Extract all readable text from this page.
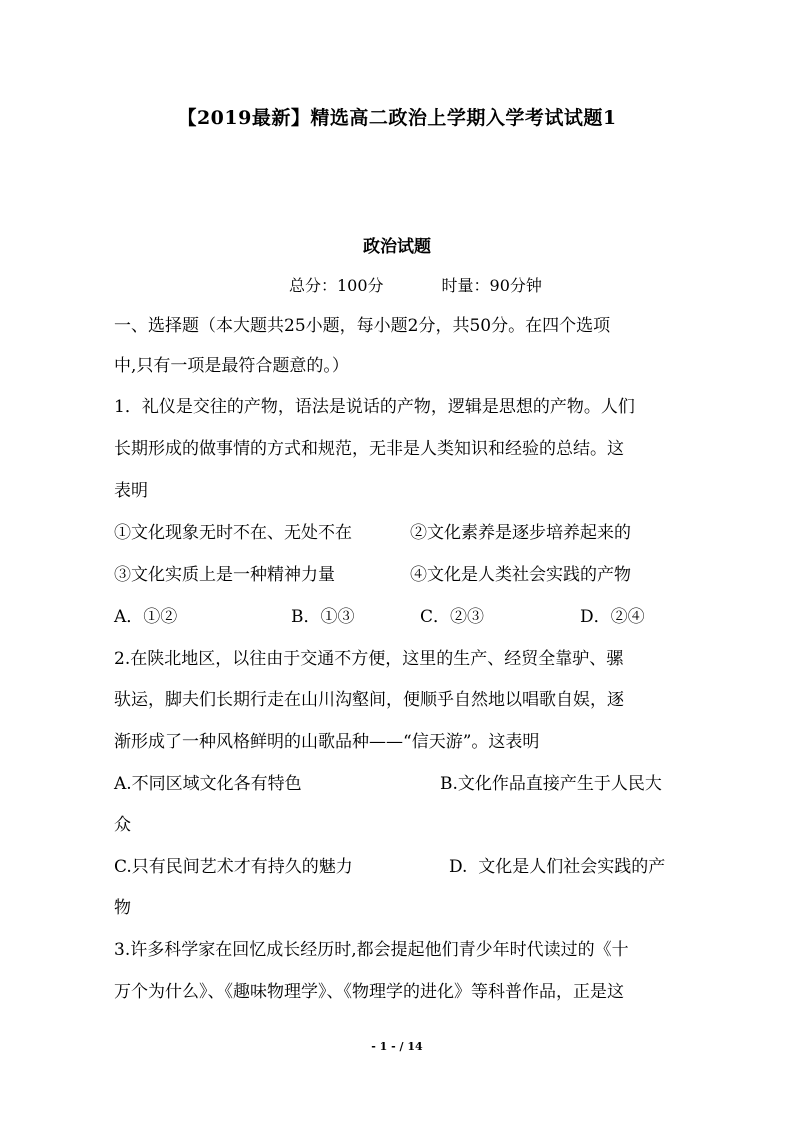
【2019最新】精选高二政治上学期入学考试试题1
政治试题
总分：100分	时量：90分钟
一、选择题（本大题共25小题，每小题2分，共50分。在四个选项
中,只有一项是最符合题意的。）
1．礼仪是交往的产物，语法是说话的产物，逻辑是思想的产物。人们
长期形成的做事情的方式和规范，无非是人类知识和经验的总结。这
表明
①文化现象无时不在、无处不在	②文化素养是逐步培养起来的
③文化实质上是一种精神力量	④文化是人类社会实践的产物
A．①②	B．①③	C．②③	D．②④
2.在陕北地区，以往由于交通不方便，这里的生产、经贸全靠驴、骡
驮运，脚夫们长期行走在山川沟壑间，便顺乎自然地以唱歌自娱，逐
渐形成了一种风格鲜明的山歌品种——“信天游”。这表明
A.不同区域文化各有特色	B.文化作品直接产生于人民大
众
C.只有民间艺术才有持久的魅力	D.  文化是人们社会实践的产
物
3.许多科学家在回忆成长经历时,都会提起他们青少年时代读过的《十
万个为什么》、《趣味物理学》、《物理学的进化》等科普作品，正是这
- 1 - / 14
